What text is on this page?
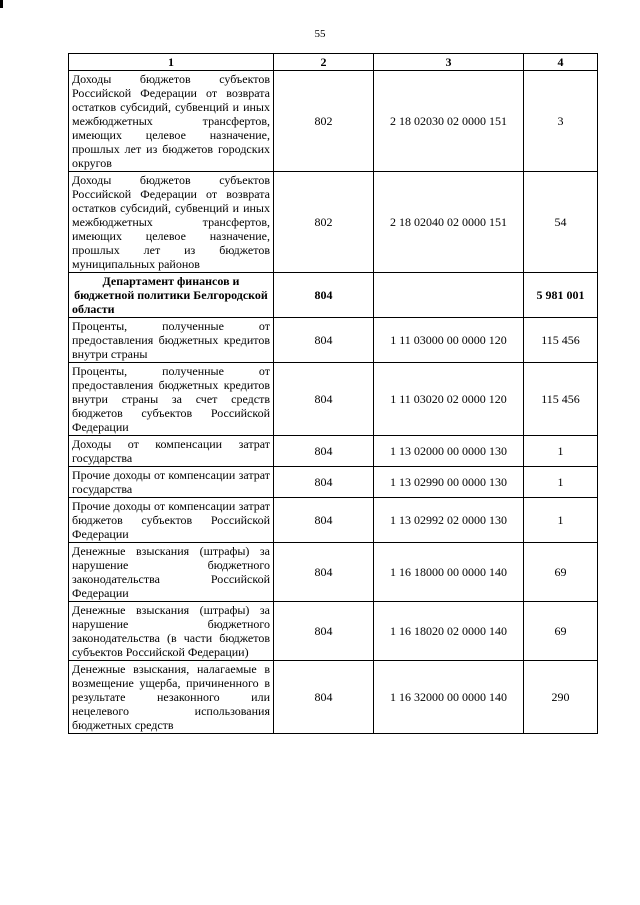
55
1	2	3	4
Доходы бюджетов субъектов Российской Федерации от возврата остатков субсидий, субвенций и иных межбюджетных трансфертов, имеющих целевое назначение, прошлых лет из бюджетов городских округов	802	2 18 02030 02 0000 151	3
Доходы бюджетов субъектов Российской Федерации от возврата остатков субсидий, субвенций и иных межбюджетных трансфертов, имеющих целевое назначение, прошлых лет из бюджетов муниципальных районов	802	2 18 02040 02 0000 151	54
Департамент финансов и бюджетной политики Белгородской области	804		5 981 001
Проценты, полученные от предоставления бюджетных кредитов внутри страны	804	1 11 03000 00 0000 120	115 456
Проценты, полученные от предоставления бюджетных кредитов внутри страны за счет средств бюджетов субъектов Российской Федерации	804	1 11 03020 02 0000 120	115 456
Доходы от компенсации затрат государства	804	1 13 02000 00 0000 130	1
Прочие доходы от компенсации затрат государства	804	1 13 02990 00 0000 130	1
Прочие доходы от компенсации затрат бюджетов субъектов Российской Федерации	804	1 13 02992 02 0000 130	1
Денежные взыскания (штрафы) за нарушение бюджетного законодательства Российской Федерации	804	1 16 18000 00 0000 140	69
Денежные взыскания (штрафы) за нарушение бюджетного законодательства (в части бюджетов субъектов Российской Федерации)	804	1 16 18020 02 0000 140	69
Денежные взыскания, налагаемые в возмещение ущерба, причиненного в результате незаконного или нецелевого использования бюджетных средств	804	1 16 32000 00 0000 140	290
